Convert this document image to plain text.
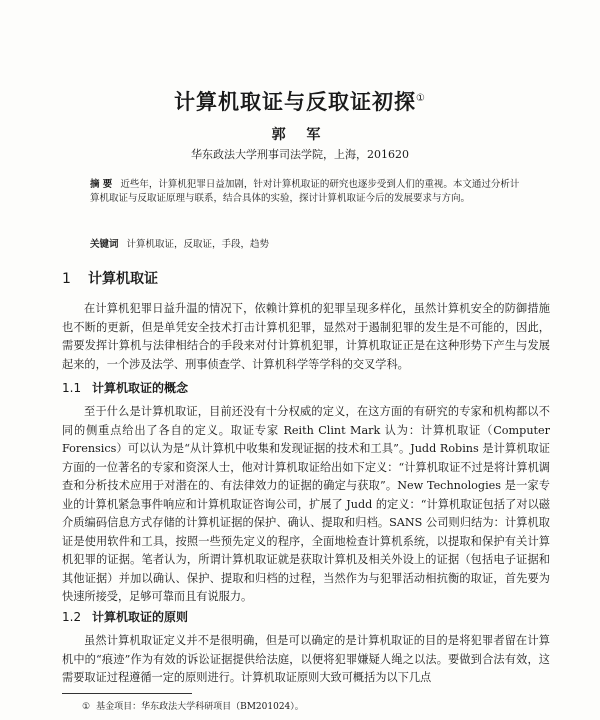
计算机取证与反取证初探①
郭 军
华东政法大学刑事司法学院，上海，201620
摘 要 近些年，计算机犯罪日益加剧，针对计算机取证的研究也逐步受到人们的重视。本文通过分析计算机取证与反取证原理与联系，结合具体的实验，探讨计算机取证今后的发展要求与方向。
关键词 计算机取证，反取证，手段，趋势
1 计算机取证
在计算机犯罪日益升温的情况下，依赖计算机的犯罪呈现多样化，虽然计算机安全的防御措施也不断的更新，但是单凭安全技术打击计算机犯罪，显然对于遏制犯罪的发生是不可能的，因此，需要发挥计算机与法律相结合的手段来对付计算机犯罪，计算机取证正是在这种形势下产生与发展起来的，一个涉及法学、刑事侦查学、计算机科学等学科的交叉学科。
1.1 计算机取证的概念
至于什么是计算机取证，目前还没有十分权威的定义，在这方面的有研究的专家和机构都以不同的侧重点给出了各自的定义。取证专家 Reith Clint Mark 认为：计算机取证（Computer Forensics）可以认为是“从计算机中收集和发现证据的技术和工具”。Judd Robins 是计算机取证方面的一位著名的专家和资深人士，他对计算机取证给出如下定义：“计算机取证不过是将计算机调查和分析技术应用于对潜在的、有法律效力的证据的确定与获取”。New Technologies 是一家专业的计算机紧急事件响应和计算机取证咨询公司，扩展了 Judd 的定义：“计算机取证包括了对以磁介质编码信息方式存储的计算机证据的保护、确认、提取和归档。SANS 公司则归结为：计算机取证是使用软件和工具，按照一些预先定义的程序，全面地检查计算机系统，以提取和保护有关计算机犯罪的证据。笔者认为，所谓计算机取证就是获取计算机及相关外设上的证据（包括电子证据和其他证据）并加以确认、保护、提取和归档的过程，当然作为与犯罪活动相抗衡的取证，首先要为快速所接受，足够可靠而且有说服力。
1.2 计算机取证的原则
虽然计算机取证定义并不是很明确，但是可以确定的是计算机取证的目的是将犯罪者留在计算机中的“痕迹”作为有效的诉讼证据提供给法庭，以便将犯罪嫌疑人绳之以法。要做到合法有效，这需要取证过程遵循一定的原则进行。计算机取证原则大致可概括为以下几点
① 基金项目：华东政法大学科研项目（BM201024）。
